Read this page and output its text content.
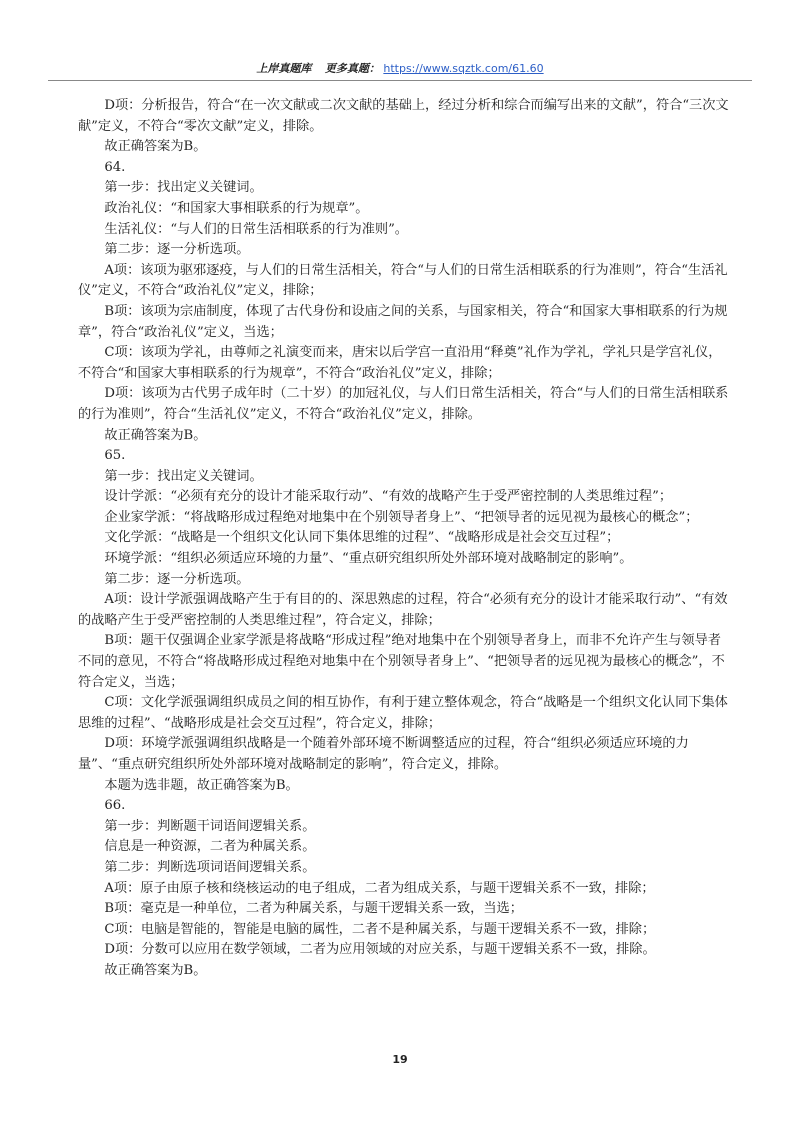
上岸真题库 更多真题： https://www.sqztk.com/61.60

D项：分析报告，符合“在一次文献或二次文献的基础上，经过分析和综合而编写出来的文献”，符合“三次文献”定义，不符合“零次文献”定义，排除。

故正确答案为B。

64.

第一步：找出定义关键词。

政治礼仪：“和国家大事相联系的行为规章”。

生活礼仪：“与人们的日常生活相联系的行为准则”。

第二步：逐一分析选项。

A项：该项为驱邪逐疫，与人们的日常生活相关，符合“与人们的日常生活相联系的行为准则”，符合“生活礼仪”定义，不符合“政治礼仪”定义，排除；

B项：该项为宗庙制度，体现了古代身份和设庙之间的关系，与国家相关，符合“和国家大事相联系的行为规章”，符合“政治礼仪”定义，当选；

C项：该项为学礼，由尊师之礼演变而来，唐宋以后学宫一直沿用“释奠”礼作为学礼，学礼只是学宫礼仪，不符合“和国家大事相联系的行为规章”，不符合“政治礼仪”定义，排除；

D项：该项为古代男子成年时（二十岁）的加冠礼仪，与人们日常生活相关，符合“与人们的日常生活相联系的行为准则”，符合“生活礼仪”定义，不符合“政治礼仪”定义，排除。

故正确答案为B。

65.

第一步：找出定义关键词。

设计学派：“必须有充分的设计才能采取行动”、“有效的战略产生于受严密控制的人类思维过程”；

企业家学派：“将战略形成过程绝对地集中在个别领导者身上”、“把领导者的远见视为最核心的概念”；

文化学派：“战略是一个组织文化认同下集体思维的过程”、“战略形成是社会交互过程”；

环境学派：“组织必须适应环境的力量”、“重点研究组织所处外部环境对战略制定的影响”。

第二步：逐一分析选项。

A项：设计学派强调战略产生于有目的的、深思熟虑的过程，符合“必须有充分的设计才能采取行动”、“有效的战略产生于受严密控制的人类思维过程”，符合定义，排除；

B项：题干仅强调企业家学派是将战略“形成过程”绝对地集中在个别领导者身上，而非不允许产生与领导者不同的意见，不符合“将战略形成过程绝对地集中在个别领导者身上”、“把领导者的远见视为最核心的概念”，不符合定义，当选；

C项：文化学派强调组织成员之间的相互协作，有利于建立整体观念，符合“战略是一个组织文化认同下集体思维的过程”、“战略形成是社会交互过程”，符合定义，排除；

D项：环境学派强调组织战略是一个随着外部环境不断调整适应的过程，符合“组织必须适应环境的力量”、“重点研究组织所处外部环境对战略制定的影响”，符合定义，排除。

本题为选非题，故正确答案为B。

66.

第一步：判断题干词语间逻辑关系。

信息是一种资源，二者为种属关系。

第二步：判断选项词语间逻辑关系。

A项：原子由原子核和绕核运动的电子组成，二者为组成关系，与题干逻辑关系不一致，排除；

B项：毫克是一种单位，二者为种属关系，与题干逻辑关系一致，当选；

C项：电脑是智能的，智能是电脑的属性，二者不是种属关系，与题干逻辑关系不一致，排除；

D项：分数可以应用在数学领域，二者为应用领域的对应关系，与题干逻辑关系不一致，排除。

故正确答案为B。

19
